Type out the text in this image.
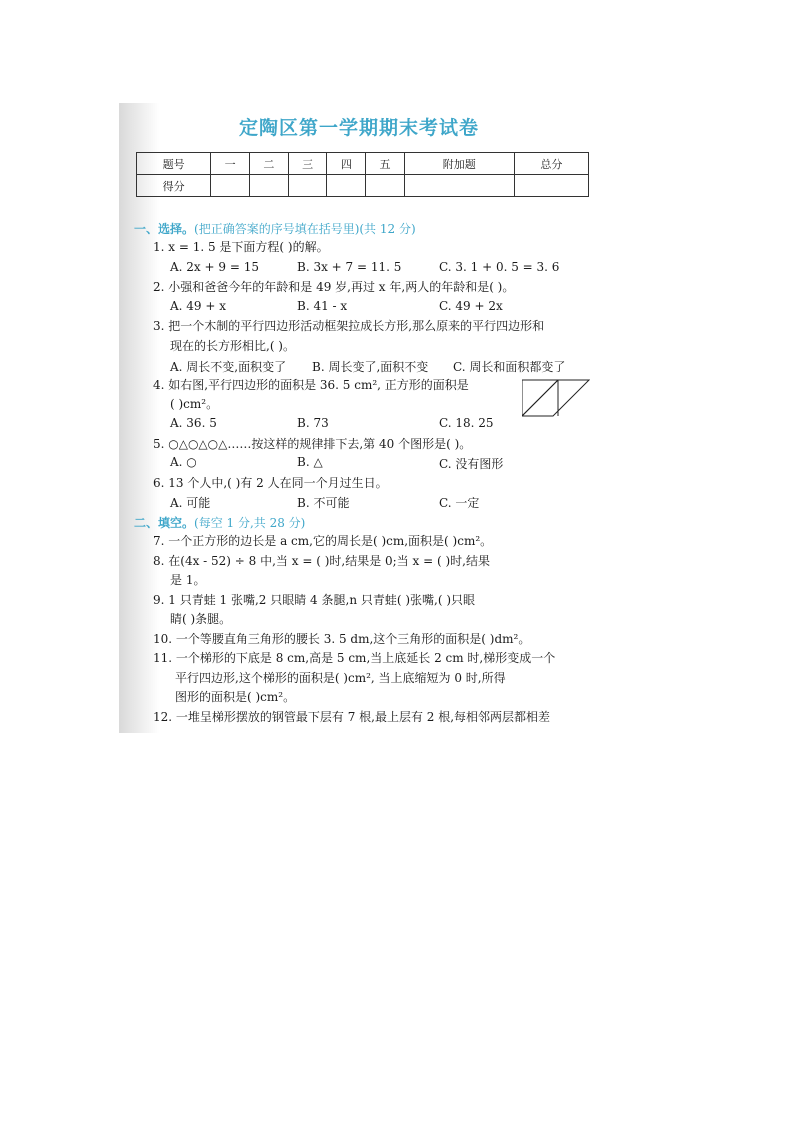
定陶区第一学期期末考试卷
题号	一	二	三	四	五	附加题	总分
得分							
一、选择。(把正确答案的序号填在括号里)(共 12 分)
1. x = 1. 5 是下面方程( )的解。
A. 2x + 9 = 15	B. 3x + 7 = 11. 5	C. 3. 1 + 0. 5 = 3. 6
2. 小强和爸爸今年的年龄和是 49 岁,再过 x 年,两人的年龄和是( )。
A. 49 + x	B. 41 - x	C. 49 + 2x
3. 把一个木制的平行四边形活动框架拉成长方形,那么原来的平行四边形和
现在的长方形相比,( )。
A. 周长不变,面积变了 B. 周长变了,面积不变 C. 周长和面积都变了
4. 如右图,平行四边形的面积是 36. 5 cm², 正方形的面积是
( )cm²。
A. 36. 5	B. 73	C. 18. 25
5. ○△○△○△……按这样的规律排下去,第 40 个图形是( )。
A. ○	B. △	C. 没有图形
6. 13 个人中,( )有 2 人在同一个月过生日。
A. 可能	B. 不可能	C. 一定
二、填空。(每空 1 分,共 28 分)
7. 一个正方形的边长是 a cm,它的周长是( )cm,面积是( )cm²。
8. 在(4x - 52) ÷ 8 中,当 x = ( )时,结果是 0;当 x = ( )时,结果
是 1。
9. 1 只青蛙 1 张嘴,2 只眼睛 4 条腿,n 只青蛙( )张嘴,( )只眼
睛( )条腿。
10. 一个等腰直角三角形的腰长 3. 5 dm,这个三角形的面积是( )dm²。
11. 一个梯形的下底是 8 cm,高是 5 cm,当上底延长 2 cm 时,梯形变成一个
平行四边形,这个梯形的面积是( )cm², 当上底缩短为 0 时,所得
图形的面积是( )cm²。
12. 一堆呈梯形摆放的钢管最下层有 7 根,最上层有 2 根,每相邻两层都相差
